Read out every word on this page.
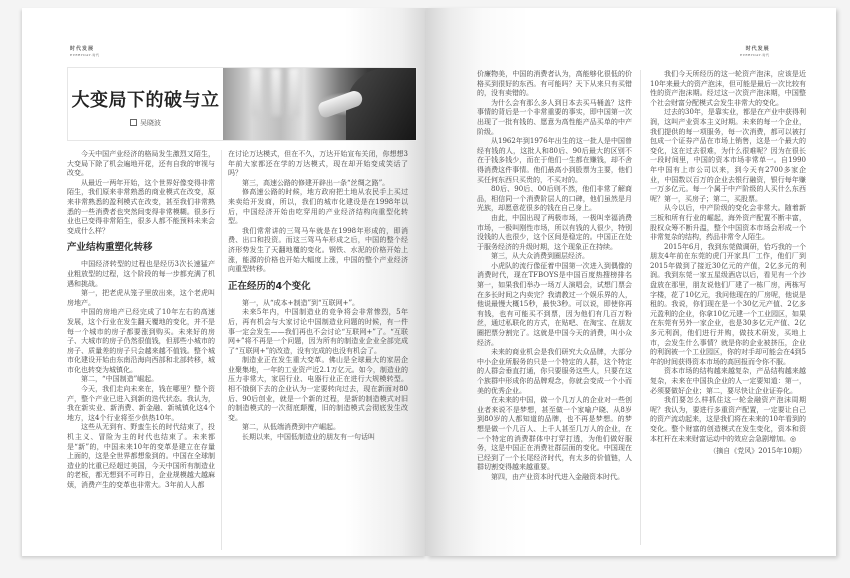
时代发展
EVERYDAY·时代
大变局下的破与立
吴晓波

今天中国产业经济的格局发生激烈又陌生，大变局下除了机会遍地开花，还有自我的审视与改变。

从最近一两年开始，这个世界好像变得非常陌生，我们原来非常熟悉的商业模式在改变，原来非常熟悉的盈利模式在改变，甚至我们非常熟悉的一些消费者也突然间变得非常模糊。很多行业也已变得非常陌生，很多人都不能预料未来会变成什么样？

产业结构重塑化转移

中国经济转型的过程也是经历3次长速猛产业粗放型的过程，这个阶段的每一步都充满了机遇和挑战。

第一，把老虎从笼子里放出来，这个老虎叫房地产。

中国的房地产已经完成了10年左右的高速发展，这个行业在发生翻天覆地的变化，并不是每一个城市的房子都要涨到购买。未来好的房子、大城市的房子仍然很值钱，但那些小城市的房子、质量差的房子只会越来越不值钱。整个城市化建设开始由东南沿海向西部和北部转移，城市化也转变为城镇化。

第二，“中国制造”崛起。

今天，我们走向未来在，钱在哪里？整个资产，整个产业已进入到新的迭代状态。我认为，我在新实业、新消费、新金融、新城镇化这4个地方，这4个行业将至少供热10年。

这些从无到有、野蛮生长的时代结束了，投机主义、冒险为主的时代也结束了。未来都是“新”的，中国未来10年的变革是建立在存量上面的，这是全世界都想象到的。中国在全球制造业的比重已经超过美国，今天中国所有制造业的老板，都无想到不可昨日，企业规模越大越麻烦，消费产生的变革也非常大。3年前人人都

在讨论万达模式，但在不久，万达开始宣布关闭，你想想3年前大家都还在学的万达模式，现在却开始变成笑话了吗？

第三，高速公路的修建开辟出一条“丝绸之路”。

修高速公路的时候，地方政府把土地从农民手上买过来卖给开发商，所以，我们的城市化建设是在1998年以后，中国经济开始由吃穿用的产业经济结构向重型化转型。

我们常常讲的三驾马车就是在1998年形成的，即消费、出口和投资。而这三驾马车形成之后，中国的整个经济形势发生了天翻地覆的变化。钢铁、水泥的价格开始上涨，能源的价格也开始大幅度上涨，中国的整个产业经济向重型转移。

正在经历的4个变化

第一，从“成本+制造”到“互联网+”。

未来5年内，中国制造业的竞争将会非常惨烈，5年后，再有机会与大家讨论中国制造业问题的时候，有一件事一定会发生——我们再也不会讨论“互联网+”了。“互联网+”将不再是一个问题，因为所有的制造业企业全部完成了“互联网+”的改造，没有完成的也没有机会了。

制造业正在发生重大变革。佛山是全球最大的家居企业聚集地，一年的工业资产近2.1万亿元。如今，制造业的压力非常大，家居行业、电器行业正在进行大规模转型。相不饿倒下去的企业认为一定要转向过去，现在新面对80后、90后创业，就是一个新的过程，是新的制造模式对旧的制造模式的一次彻底颠覆，旧的制造模式会彻底发生改变。

第二，从低端消费到中产崛起。

长期以来，中国低制造业的朋友有一句话叫

时代发展
EVERYDAY·时代

价廉物美，中国的消费者认为，高能够化很低的价格买到很好的东西。有可能吗？天下从来只有买错的，没有卖错的。

为什么会有那么多人到日本去买马桶盖？这件事情的背后是一个非常重要的事实，即中国第一次出现了一批有钱的、愿意为高性能产品买单的中产阶级。

从1962年到1976年出生的这一批人是中国曾经有钱的人，这批人和80后、90后最大的区别不在于钱多钱少，而在于他们一生都在赚钱，却不舍得消费这件事情。他们最高小到股票为主要，他们买任何东西只买贵的，不买对的。

80后、90后、00后则不然，他们非常了解商品，相信同一个消费阶层人的口碑，他们虽然是月光族，却愿意花很多的钱在自己身上。

由此，中国出现了两极市场，一极叫幸福消费市场，一极叫刚性市场，所以有钱的人很少，特别没钱的人也很少，这个区间是稳定的。中国正在处于服务经济的升级时期，这个现象正在持续。

第三，从大众消费到圈层经济。

小虎队的流行像征着中国第一次进入到偶像的消费时代，现在TFBOYS是中国百度热搜榜排名第一，如果我们举办一场万人演唱会，试想门票会在多长时间之内卖完？我请教过一个娱乐界的人，他说最慢大概15秒，最快3秒。可以说，即使你再有钱，也有可能买不到票，因为他们有几百万粉丝，通过私联化的方式，在贴吧、在淘宝、在朋友圈把票分割完了。这就是中国今天的消费，叫小众经济。

未来的商业机会是我们研究大众品牌，大部分中小企业所服务的只是一个特定的人群，这个特定的人群会垂直打通，你只要服务这些人，只要在这个族群中形成你的品牌观念，你就会变成一个小而美的优秀企业。

在未来的中国，做一个几万人的企业对一些创业者来说不是梦想，甚至做一个家喻户晓、从8岁到80岁的人都知道的品牌，也不再是梦想。的梦想是做一个几百人、上千人甚至几万人的企业，在一个特定的消费群体中打穿打透，为他们做好服务，这是中国正在消费社群层面的变化。中国现在已经到了一个长尾经济时代，有太多的价值链，人群切割变得越来越重要。

第四，由产业资本时代进入金融资本时代。

我们今天所经历的这一轮资产泡沫，应该是近10年来最大的资产泡沫，但可能是最后一次比较有性的资产泡沫期。经过这一次资产泡沫期，中国整个社会财富分配模式会发生非常大的变化。

过去的30年，是靠实业，都是在产业中获得利润，这叫产业资本主义时期。未来的每一个企业，我们提供的每一项服务，每一次消费，都可以被打包成一个证券产品在市场上销售，这是一个最大的变化，这在过去很难，为什么很难呢？因为在很长一段时间里，中国的资本市场非常单一。自1990年中国有上市公司以来，到今天有2700多家企业，中国数以百万的企业去银行融资，银行每年赚一万多亿元。每一个属于中产阶级的人买什么东西呢？第一，买房子；第二，买股票。

从今以后，中产阶级的变化会非常大。随着新三板和所有行业的崛起，海外资产配置不断丰富，股权众筹不断升温，整个中国资本市场会形成一个非常复杂的结构，药品非常令人陌生。

2015年6月，我到东莞做调研，恰巧我的一个朋友4年前在东莞的虎门开家具厂工作，他们厂到2015年做到了接近30亿元的产值，2亿多元的利润。我到东莞一家五星级酒店以后，看见有一个沙盘放在那里，朋友说他们厂建了一栋厂房，两栋写字楼，花了10亿元，我问他现在的厂房呢，他说是租的。我说，你们现在是一个30亿元产值、2亿多元盈利的企业，你拿10亿元建一个工业园区，如果在东莞有另外一家企业，也是30多亿元产值、2亿多元利润，他们进行并购，做技术研发，买地上市，会发生什么事情？就是你的企业被挤压，企业的利润被一个工业园区，你的对手却可能会在4到5年的时间获得资本市场的高回报而令你不服。

资本市场的结构越来越复杂，产品结构越来越复杂，未来在中国执企业的人一定要知道：第一，必须要做好企业；第二，要尽快让企业证券化。

我们要怎么样抓住这一轮金融资产泡沫周期呢？我认为，要进行多重资产配置，一定要让自己的资产流动起来，这是我们将在未来的10年看到的变化。整个财富的创造模式在发生变化，资本和资本杠杆在未来财富运动中的效应会急剧增加。◎

（摘自《党风》2015年10期）
